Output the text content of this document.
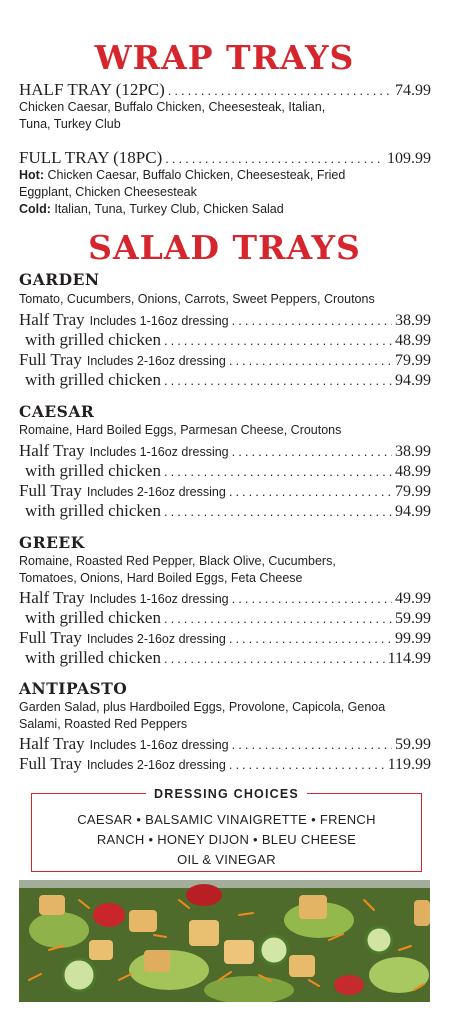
WRAP TRAYS
HALF TRAY (12PC) .....	74.99

Chicken Caesar, Buffalo Chicken, Cheesesteak, Italian, Tuna, Turkey Club

FULL TRAY (18PC) .....	109.99

Hot: Chicken Caesar, Buffalo Chicken, Cheesesteak, Fried Eggplant, Chicken Cheesesteak

Cold: Italian, Tuna, Turkey Club, Chicken Salad

SALAD TRAYS
GARDEN

Tomato, Cucumbers, Onions, Carrots, Sweet Peppers, Croutons

Half Tray Includes 1-16oz dressing .....	38.99
with grilled chicken .....	48.99
Full Tray Includes 2-16oz dressing .....	79.99
with grilled chicken .....	94.99
CAESAR

Romaine, Hard Boiled Eggs, Parmesan Cheese, Croutons

Half Tray Includes 1-16oz dressing .....	38.99
with grilled chicken .....	48.99
Full Tray Includes 2-16oz dressing .....	79.99
with grilled chicken .....	94.99
GREEK

Romaine, Roasted Red Pepper, Black Olive, Cucumbers, Tomatoes, Onions, Hard Boiled Eggs, Feta Cheese

Half Tray Includes 1-16oz dressing .....	49.99
with grilled chicken .....	59.99
Full Tray Includes 2-16oz dressing .....	99.99
with grilled chicken .....	114.99
ANTIPASTO

Garden Salad, plus Hardboiled Eggs, Provolone, Capicola, Genoa Salami, Roasted Red Peppers

Half Tray Includes 1-16oz dressing .....	59.99
Full Tray Includes 2-16oz dressing .....	119.99

DRESSING CHOICES

CAESAR • BALSAMIC VINAIGRETTE • FRENCH
RANCH • HONEY DIJON • BLEU CHEESE
OIL & VINEGAR
